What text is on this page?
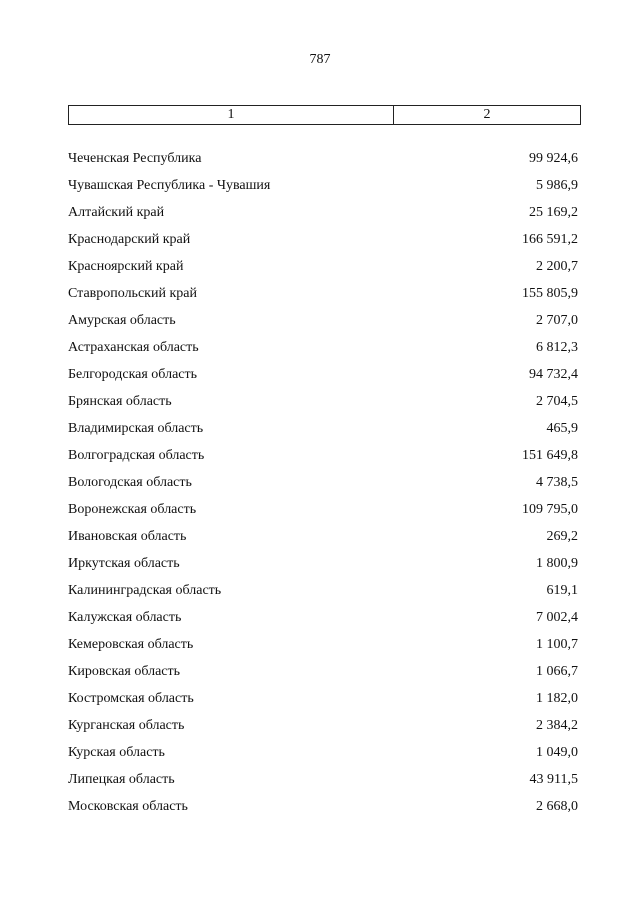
787
1	2
Чеченская Республика	99 924,6
Чувашская Республика - Чувашия	5 986,9
Алтайский край	25 169,2
Краснодарский край	166 591,2
Красноярский край	2 200,7
Ставропольский край	155 805,9
Амурская область	2 707,0
Астраханская область	6 812,3
Белгородская область	94 732,4
Брянская область	2 704,5
Владимирская область	465,9
Волгоградская область	151 649,8
Вологодская область	4 738,5
Воронежская область	109 795,0
Ивановская область	269,2
Иркутская область	1 800,9
Калининградская область	619,1
Калужская область	7 002,4
Кемеровская область	1 100,7
Кировская область	1 066,7
Костромская область	1 182,0
Курганская область	2 384,2
Курская область	1 049,0
Липецкая область	43 911,5
Московская область	2 668,0
